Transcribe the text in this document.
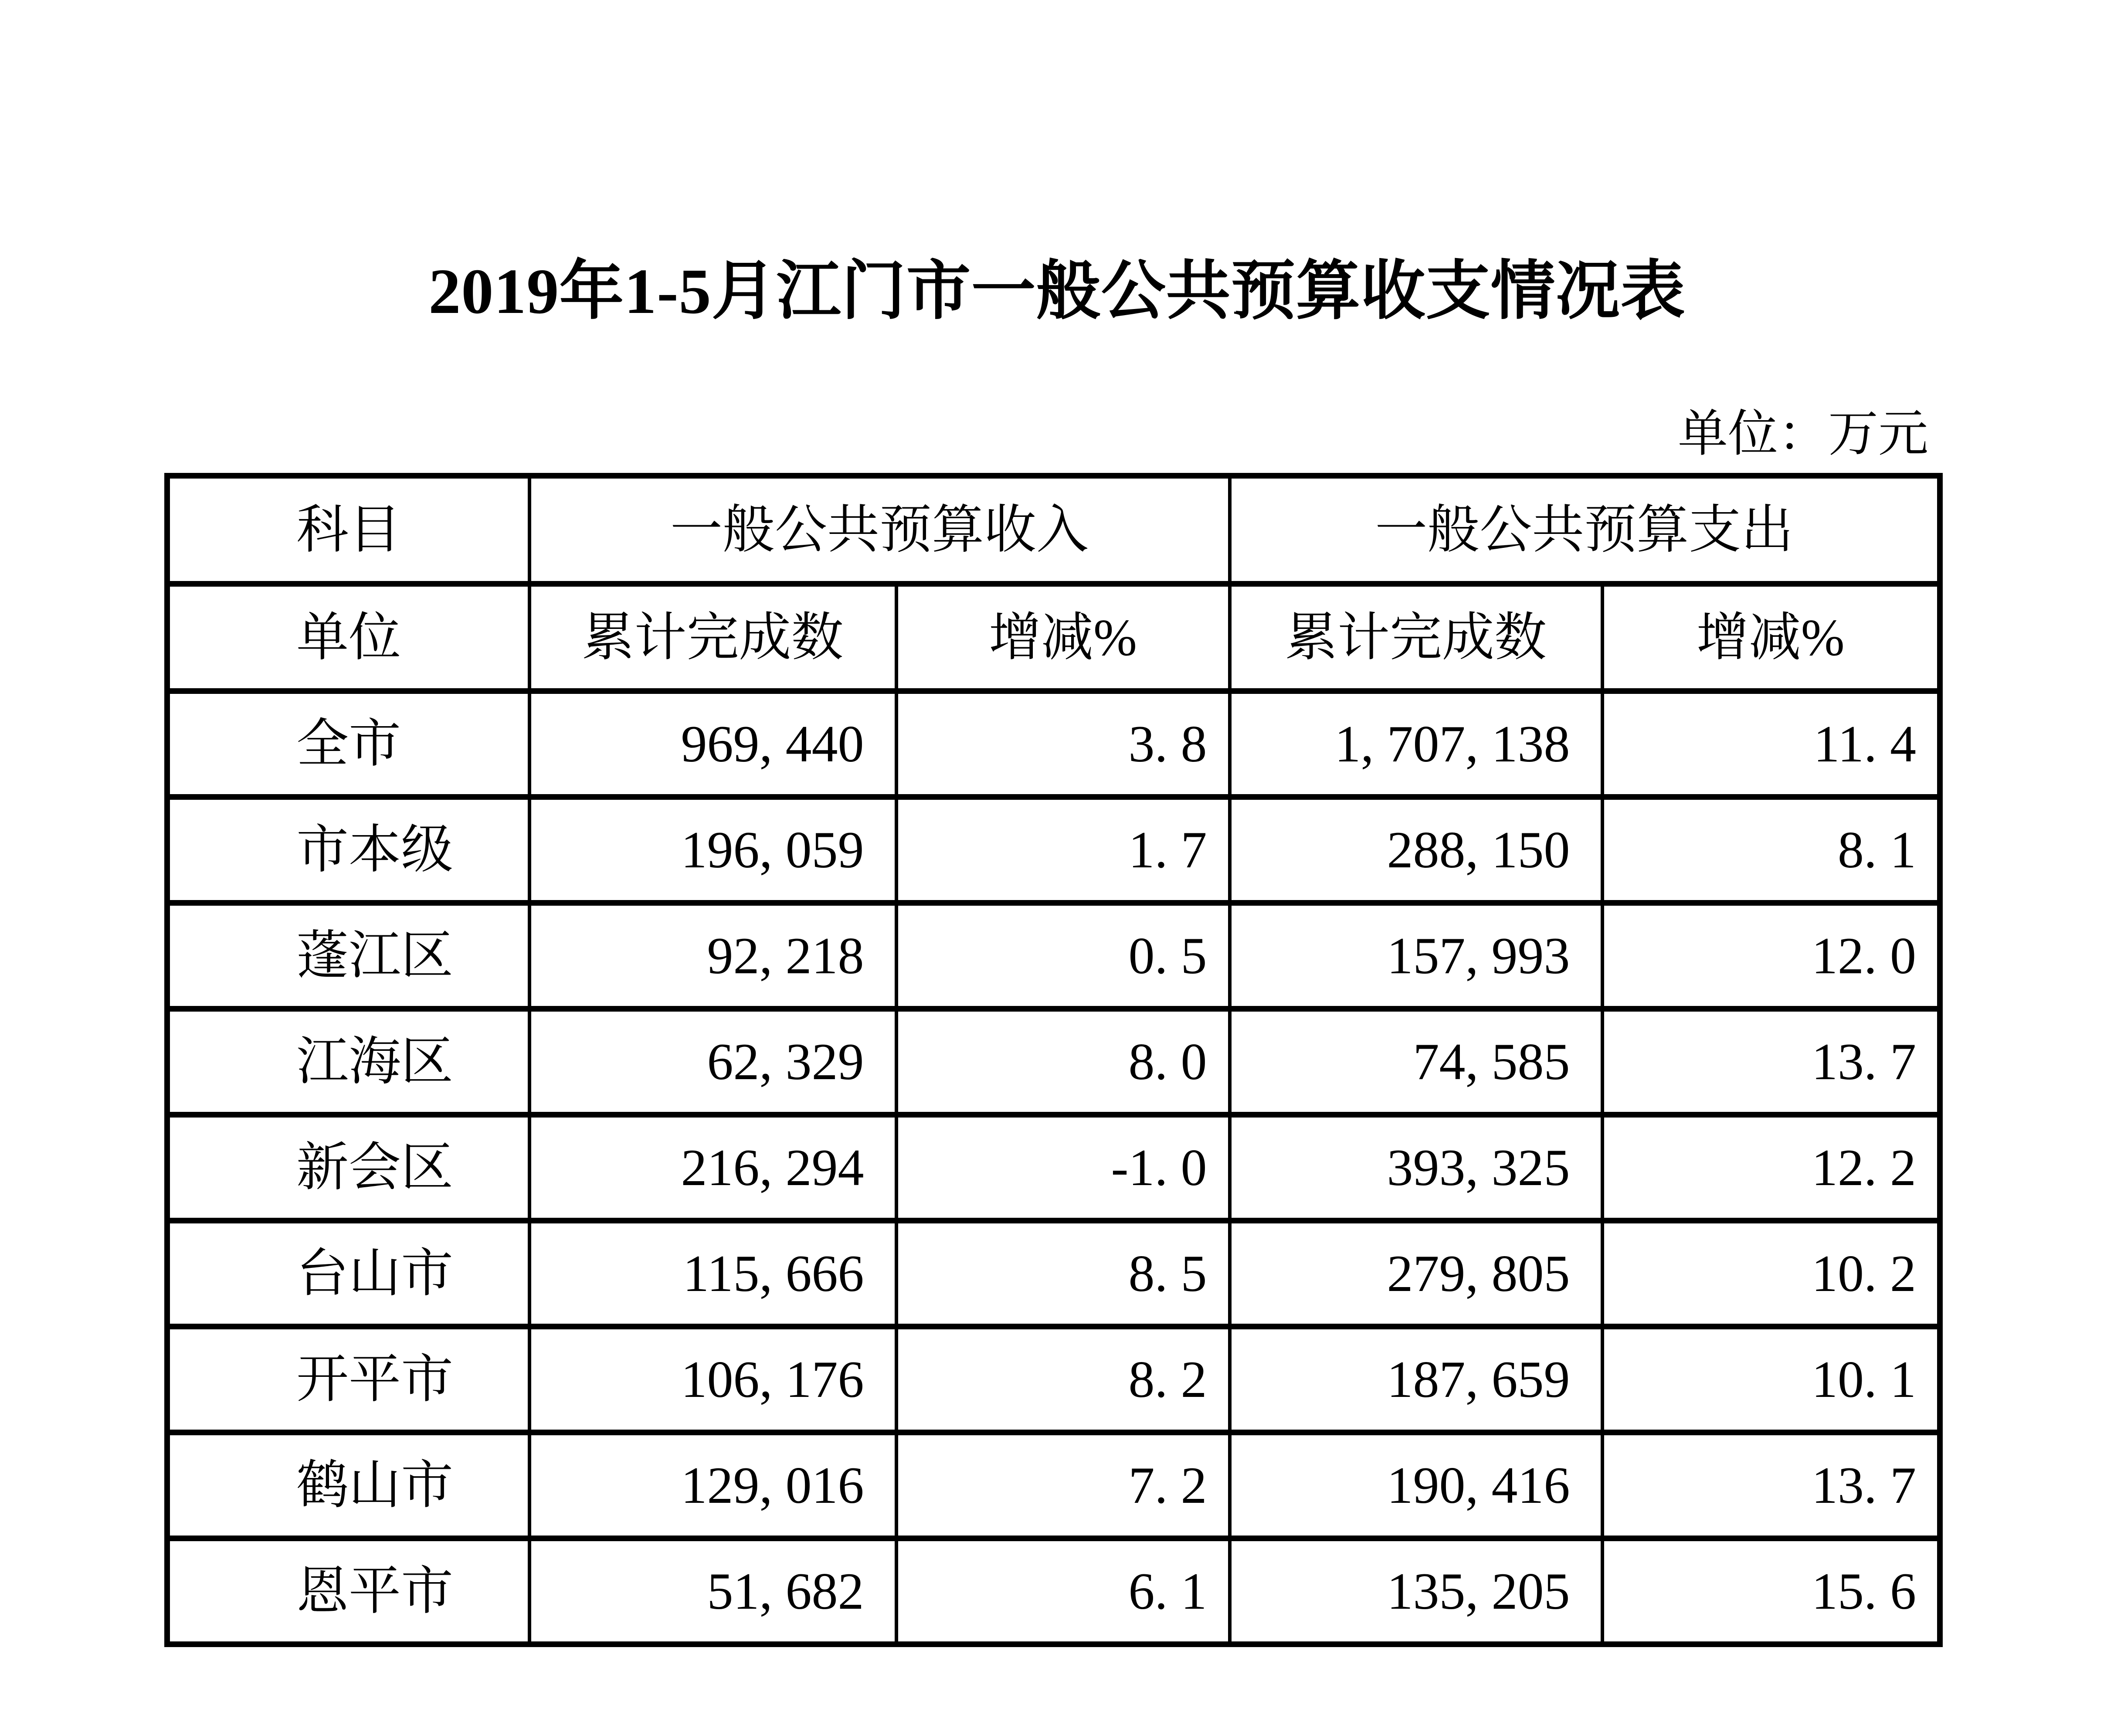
2019年1-5月江门市一般公共预算收支情况表
单位：万元
科目	一般公共预算收入		一般公共预算支出	
单位	累计完成数	增减%	累计完成数	增减%
全市	969, 440	3. 8	1, 707, 138	11. 4
市本级	196, 059	1. 7	288, 150	8. 1
蓬江区	92, 218	0. 5	157, 993	12. 0
江海区	62, 329	8. 0	74, 585	13. 7
新会区	216, 294	-1. 0	393, 325	12. 2
台山市	115, 666	8. 5	279, 805	10. 2
开平市	106, 176	8. 2	187, 659	10. 1
鹤山市	129, 016	7. 2	190, 416	13. 7
恩平市	51, 682	6. 1	135, 205	15. 6
